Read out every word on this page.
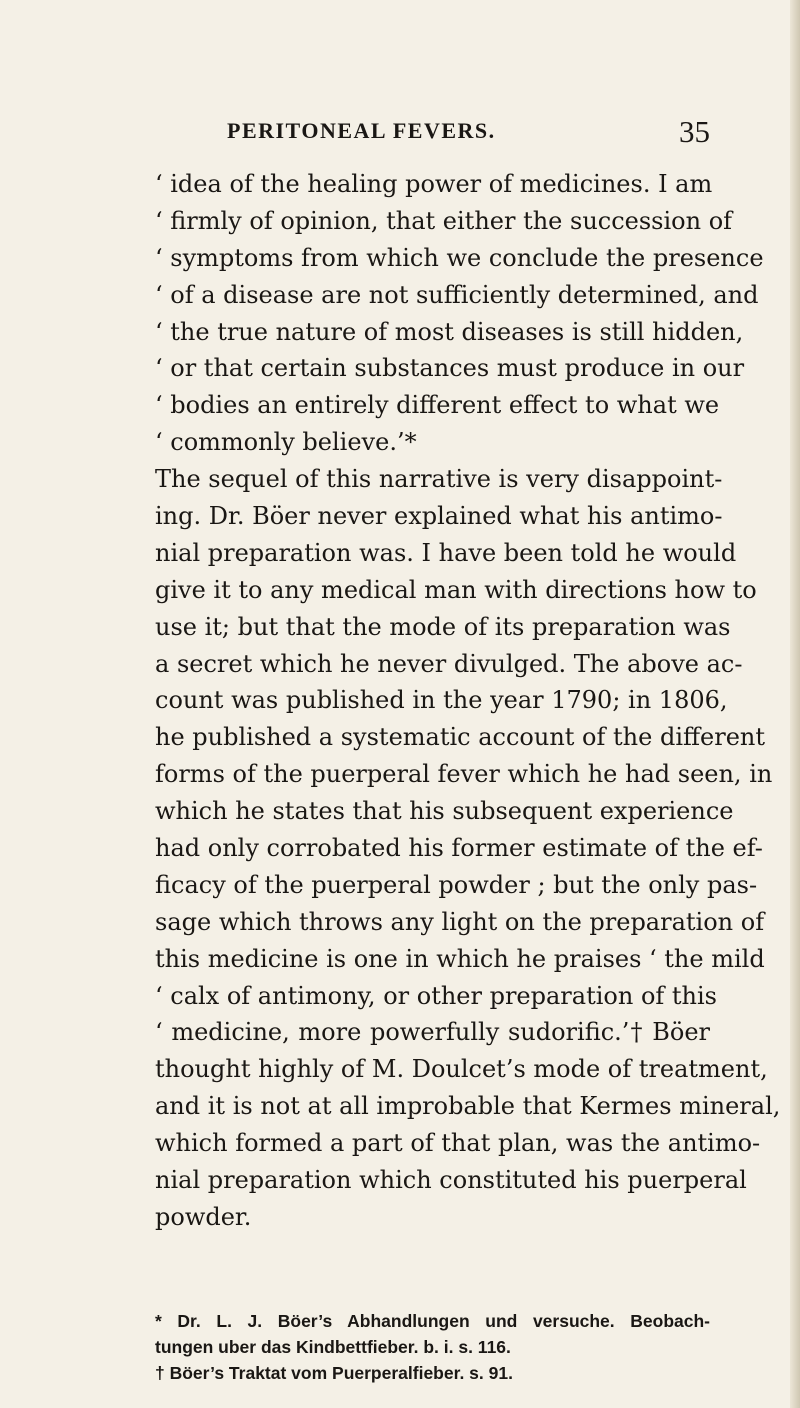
PERITONEAL FEVERS.	35
‘ idea of the healing power of medicines. I am
‘ firmly of opinion, that either the succession of
‘ symptoms from which we conclude the presence
‘ of a disease are not sufficiently determined, and
‘ the true nature of most diseases is still hidden,
‘ or that certain substances must produce in our
‘ bodies an entirely different effect to what we
‘ commonly believe.’*
The sequel of this narrative is very disappoint-
ing. Dr. Böer never explained what his antimo-
nial preparation was. I have been told he would
give it to any medical man with directions how to
use it; but that the mode of its preparation was
a secret which he never divulged. The above ac-
count was published in the year 1790; in 1806,
he published a systematic account of the different
forms of the puerperal fever which he had seen, in
which he states that his subsequent experience
had only corrobated his former estimate of the ef-
ficacy of the puerperal powder ; but the only pas-
sage which throws any light on the preparation of
this medicine is one in which he praises ‘ the mild
‘ calx of antimony, or other preparation of this
‘ medicine, more powerfully sudorific.’† Böer
thought highly of M. Doulcet’s mode of treatment,
and it is not at all improbable that Kermes mineral,
which formed a part of that plan, was the antimo-
nial preparation which constituted his puerperal
powder.
* Dr. L. J. Böer’s Abhandlungen und versuche. Beobach-
tungen uber das Kindbettfieber. b. i. s. 116.
† Böer’s Traktat vom Puerperalfieber. s. 91.
